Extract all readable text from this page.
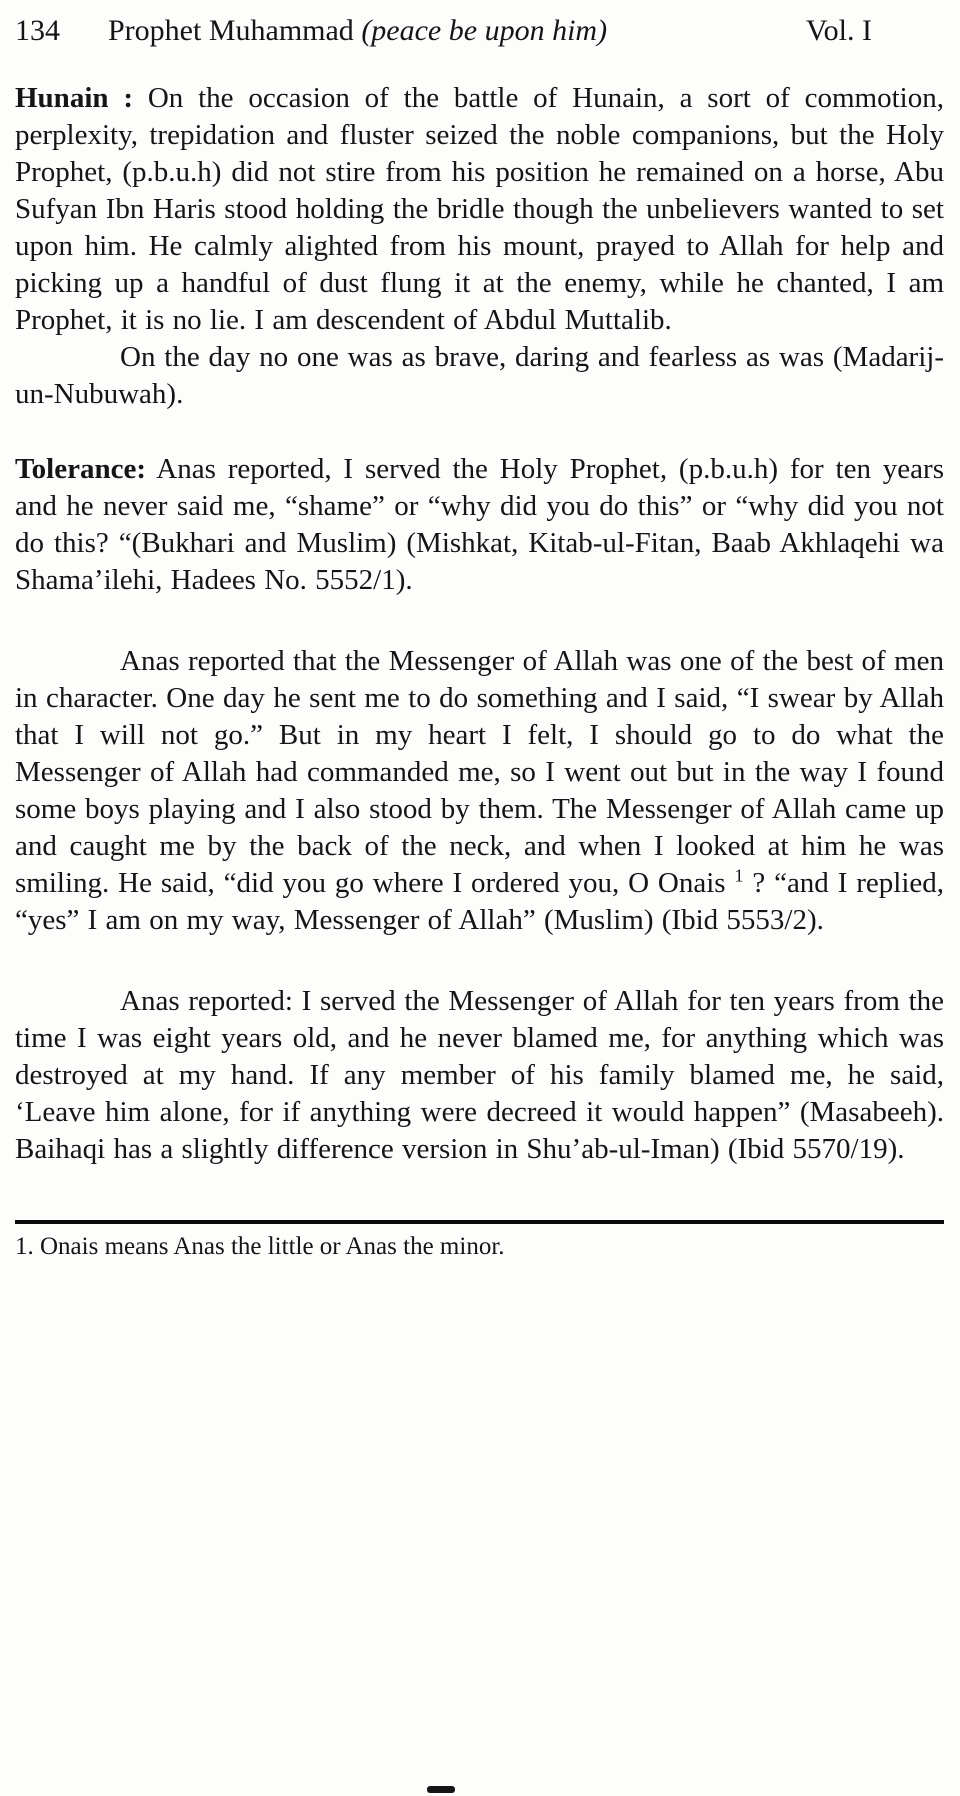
134 Prophet Muhammad (peace be upon him)	Vol. I

Hunain : On the occasion of the battle of Hunain, a sort of commotion, perplexity, trepidation and fluster seized the noble companions, but the Holy Prophet, (p.b.u.h) did not stire from his position he remained on a horse, Abu Sufyan Ibn Haris stood holding the bridle though the unbelievers wanted to set upon him. He calmly alighted from his mount, prayed to Allah for help and picking up a handful of dust flung it at the enemy, while he chanted, I am Prophet, it is no lie. I am descendent of Abdul Muttalib.

On the day no one was as brave, daring and fearless as was (Madarij-un-Nubuwah).

Tolerance: Anas reported, I served the Holy Prophet, (p.b.u.h) for ten years and he never said me, “shame” or “why did you do this” or “why did you not do this? “(Bukhari and Muslim) (Mishkat, Kitab-ul-Fitan, Baab Akhlaqehi wa Shama’ilehi, Hadees No. 5552/1).

Anas reported that the Messenger of Allah was one of the best of men in character. One day he sent me to do something and I said, “I swear by Allah that I will not go.” But in my heart I felt, I should go to do what the Messenger of Allah had commanded me, so I went out but in the way I found some boys playing and I also stood by them. The Messenger of Allah came up and caught me by the back of the neck, and when I looked at him he was smiling. He said, “did you go where I ordered you, O Onais $^1$ ? “and I replied, “yes” I am on my way, Messenger of Allah” (Muslim) (Ibid 5553/2).

Anas reported: I served the Messenger of Allah for ten years from the time I was eight years old, and he never blamed me, for anything which was destroyed at my hand. If any member of his family blamed me, he said, ‘Leave him alone, for if anything were decreed it would happen” (Masabeeh). Baihaqi has a slightly difference version in Shu’ab-ul-Iman) (Ibid 5570/19).

1. Onais means Anas the little or Anas the minor.
